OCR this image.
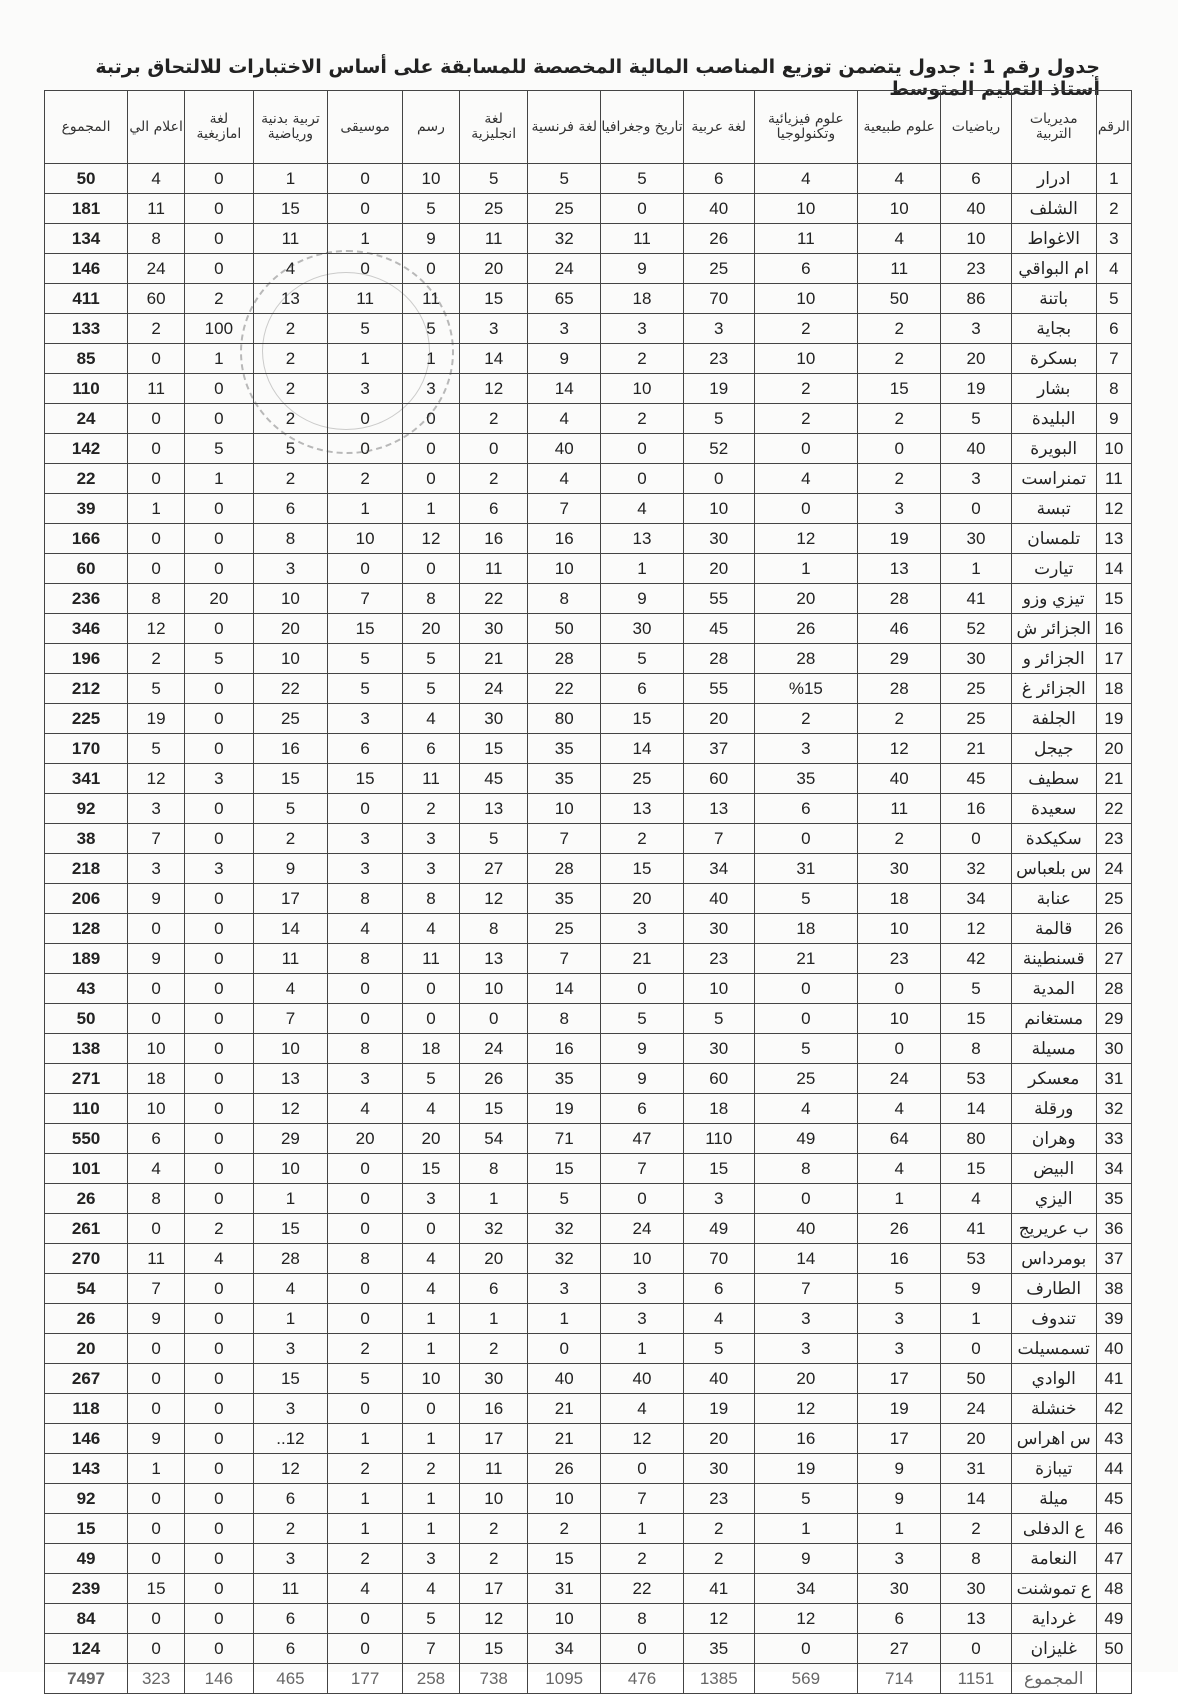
جدول رقم 1 : جدول يتضمن توزيع المناصب المالية المخصصة للمسابقة على أساس الاختبارات للالتحاق برتبة أستاذ التعليم المتوسط
الرقم	مديريات التربية	رياضيات	علوم طبيعية	علوم فيزيائية وتكنولوجيا	لغة عربية	تاريخ وجغرافيا	لغة فرنسية	لغة انجليزية	رسم	موسيقى	تربية بدنية ورياضية	لغة امازيغية	اعلام الي	المجموع
1	ادرار	6	4	4	6	5	5	5	10	0	1	0	4	50
2	الشلف	40	10	10	40	0	25	25	5	0	15	0	11	181
3	الاغواط	10	4	11	26	11	32	11	9	1	11	0	8	134
4	ام البواقي	23	11	6	25	9	24	20	0	0	4	0	24	146
5	باتنة	86	50	10	70	18	65	15	11	11	13	2	60	411
6	بجاية	3	2	2	3	3	3	3	5	5	2	100	2	133
7	بسكرة	20	2	10	23	2	9	14	1	1	2	1	0	85
8	بشار	19	15	2	19	10	14	12	3	3	2	0	11	110
9	البليدة	5	2	2	5	2	4	2	0	0	2	0	0	24
10	البويرة	40	0	0	52	0	40	0	0	0	5	5	0	142
11	تمنراست	3	2	4	0	0	4	2	0	2	2	1	0	22
12	تبسة	0	3	0	10	4	7	6	1	1	6	0	1	39
13	تلمسان	30	19	12	30	13	16	16	12	10	8	0	0	166
14	تيارت	1	13	1	20	1	10	11	0	0	3	0	0	60
15	تيزي وزو	41	28	20	55	9	8	22	8	7	10	20	8	236
16	الجزائر ش	52	46	26	45	30	50	30	20	15	20	0	12	346
17	الجزائر و	30	29	28	28	5	28	21	5	5	10	5	2	196
18	الجزائر غ	25	28	%15	55	6	22	24	5	5	22	0	5	212
19	الجلفة	25	2	2	20	15	80	30	4	3	25	0	19	225
20	جيجل	21	12	3	37	14	35	15	6	6	16	0	5	170
21	سطيف	45	40	35	60	25	35	45	11	15	15	3	12	341
22	سعيدة	16	11	6	13	13	10	13	2	0	5	0	3	92
23	سكيكدة	0	2	0	7	2	7	5	3	3	2	0	7	38
24	س بلعباس	32	30	31	34	15	28	27	3	3	9	3	3	218
25	عنابة	34	18	5	40	20	35	12	8	8	17	0	9	206
26	قالمة	12	10	18	30	3	25	8	4	4	14	0	0	128
27	قسنطينة	42	23	21	23	21	7	13	11	8	11	0	9	189
28	المدية	5	0	0	10	0	14	10	0	0	4	0	0	43
29	مستغانم	15	10	0	5	5	8	0	0	0	7	0	0	50
30	مسيلة	8	0	5	30	9	16	24	18	8	10	0	10	138
31	معسكر	53	24	25	60	9	35	26	5	3	13	0	18	271
32	ورقلة	14	4	4	18	6	19	15	4	4	12	0	10	110
33	وهران	80	64	49	110	47	71	54	20	20	29	0	6	550
34	البيض	15	4	8	15	7	15	8	15	0	10	0	4	101
35	اليزي	4	1	0	3	0	5	1	3	0	1	0	8	26
36	ب عريريج	41	26	40	49	24	32	32	0	0	15	2	0	261
37	بومرداس	53	16	14	70	10	32	20	4	8	28	4	11	270
38	الطارف	9	5	7	6	3	3	6	4	0	4	0	7	54
39	تندوف	1	3	3	4	3	1	1	1	0	1	0	9	26
40	تسمسيلت	0	3	3	5	1	0	2	1	2	3	0	0	20
41	الوادي	50	17	20	40	40	40	30	10	5	15	0	0	267
42	خنشلة	24	19	12	19	4	21	16	0	0	3	0	0	118
43	س اهراس	20	17	16	20	12	21	17	1	1	12..	0	9	146
44	تيبازة	31	9	19	30	0	26	11	2	2	12	0	1	143
45	ميلة	14	9	5	23	7	10	10	1	1	6	0	0	92
46	ع الدفلى	2	1	1	2	1	2	2	1	1	2	0	0	15
47	النعامة	8	3	9	2	2	15	2	3	2	3	0	0	49
48	ع تموشنت	30	30	34	41	22	31	17	4	4	11	0	15	239
49	غرداية	13	6	12	12	8	10	12	5	0	6	0	0	84
50	غليزان	0	27	0	35	0	34	15	7	0	6	0	0	124
	المجموع	1151	714	569	1385	476	1095	738	258	177	465	146	323	7497
